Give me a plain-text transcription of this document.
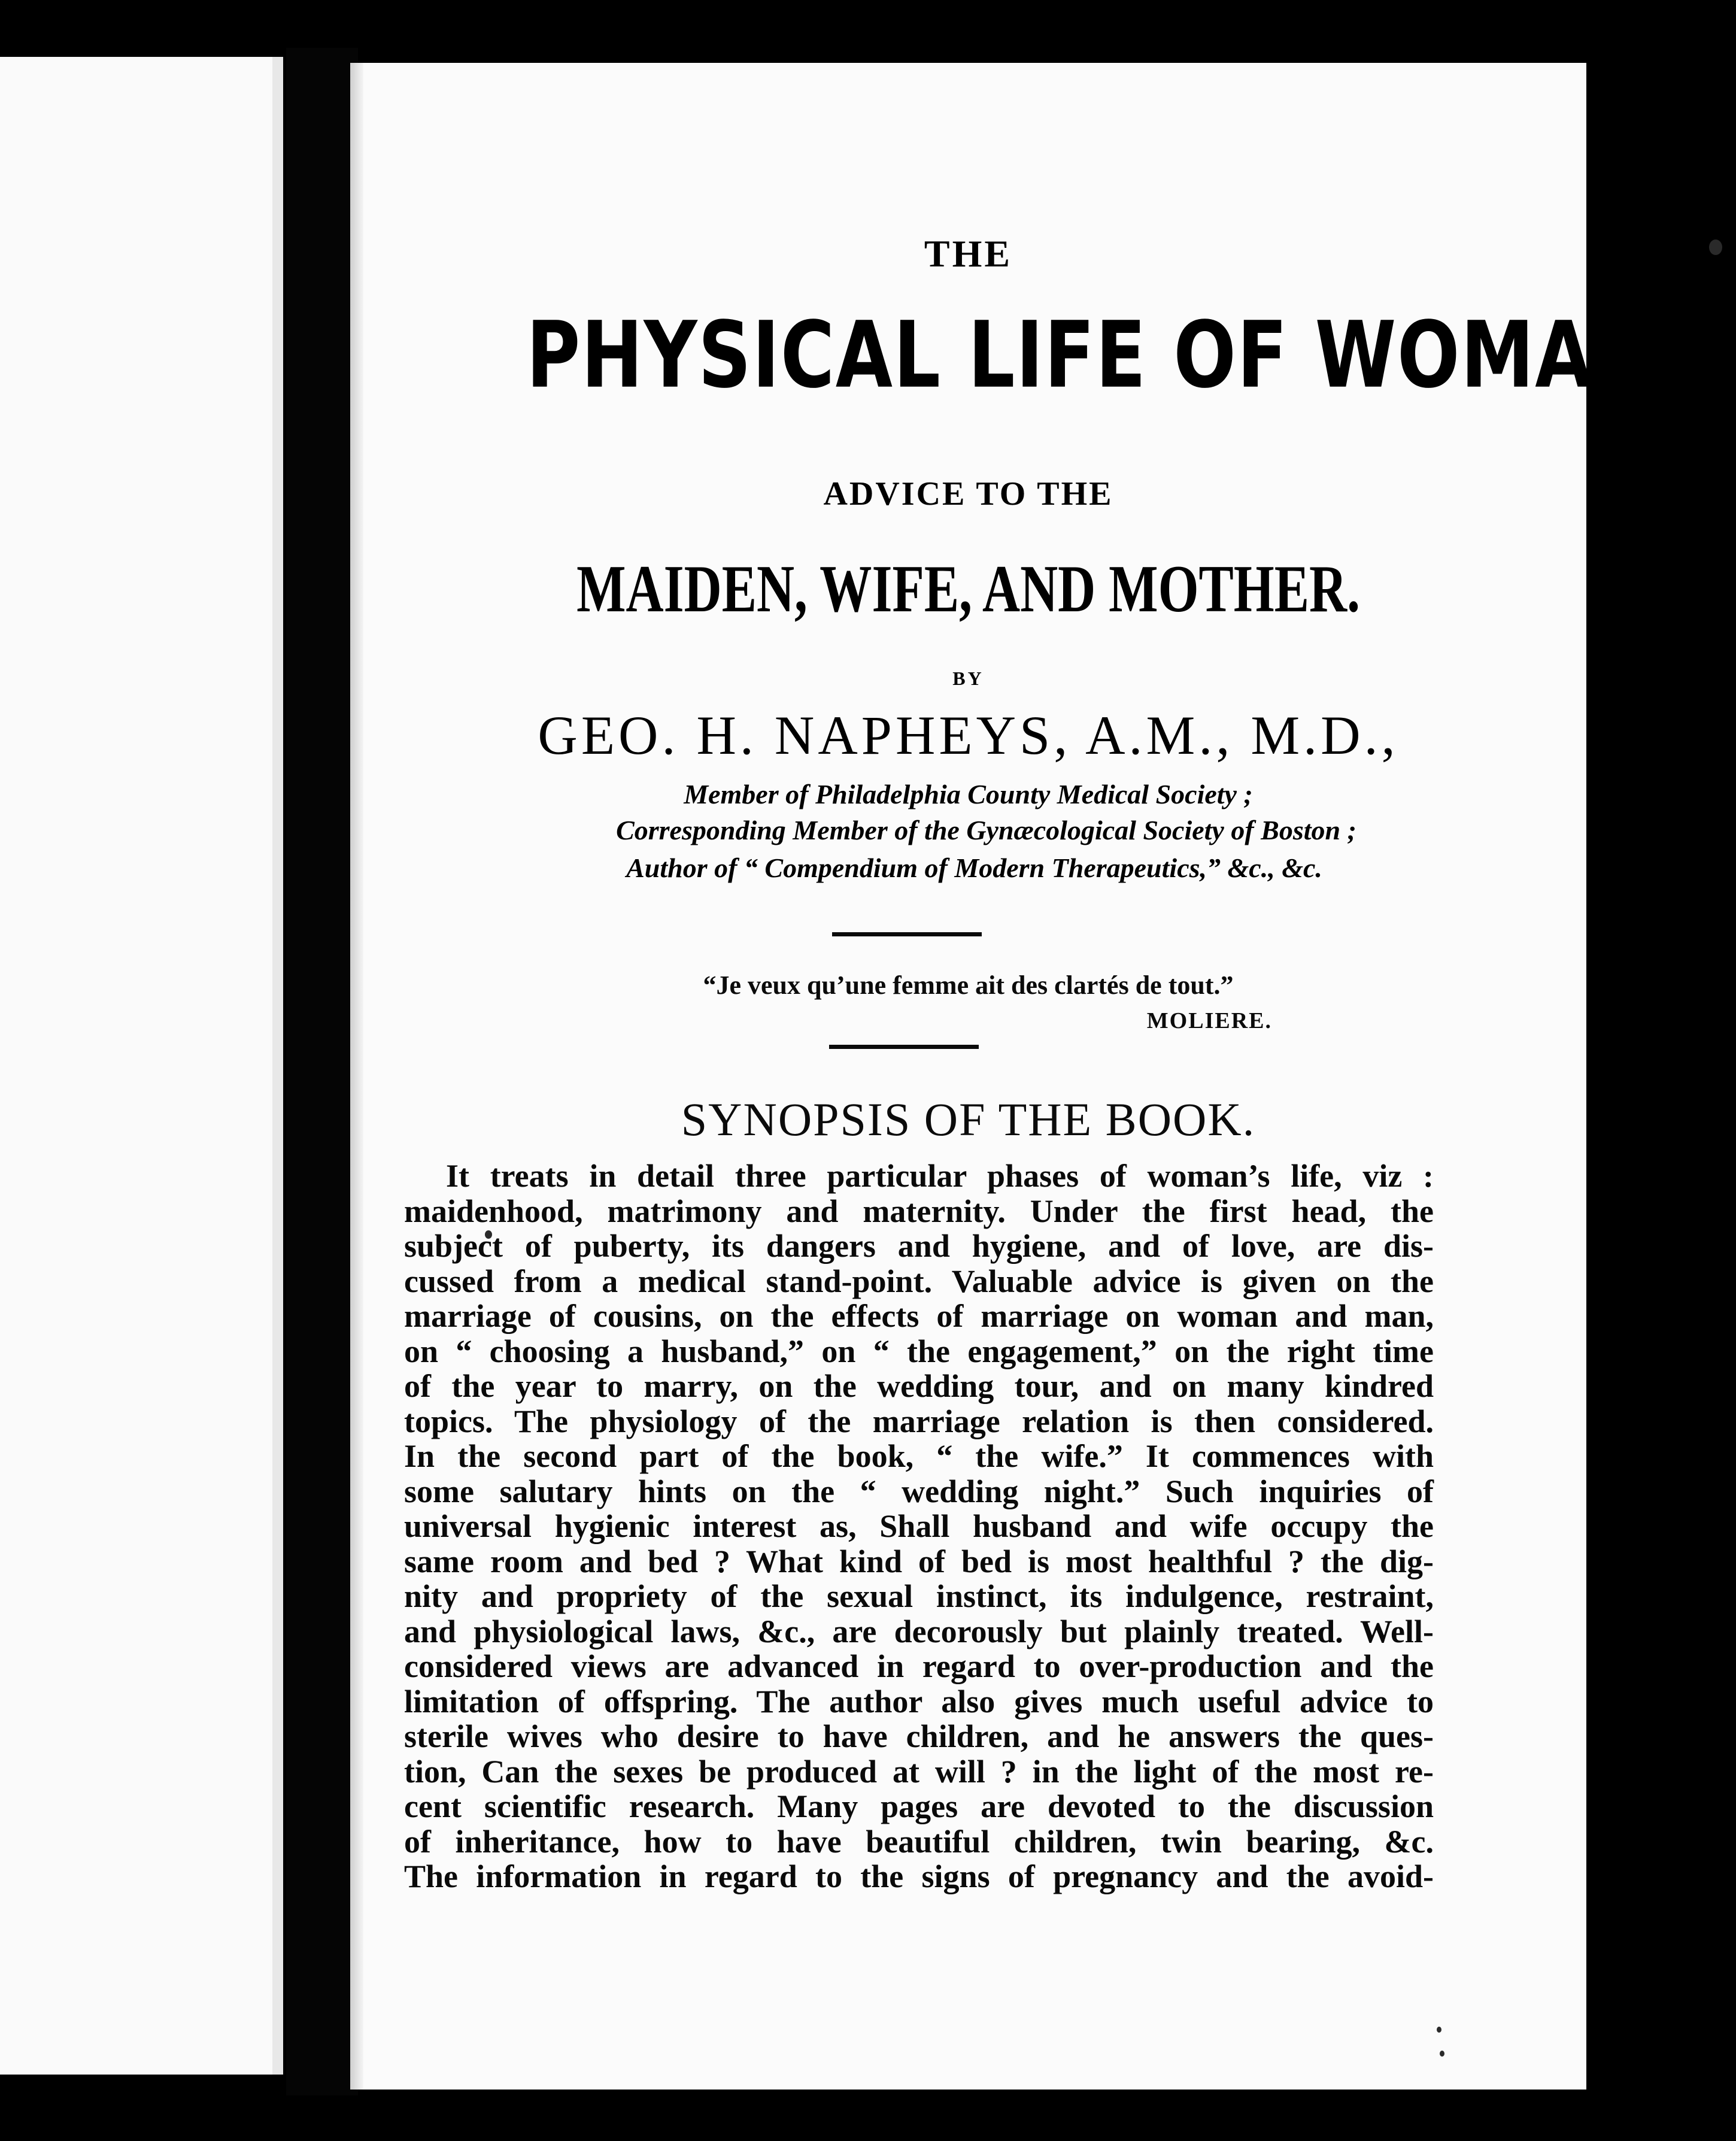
THE
PHYSICAL LIFE OF WOMAN
ADVICE TO THE
MAIDEN, WIFE, AND MOTHER.
BY
GEO. H. NAPHEYS, A.M., M.D.,
Member of Philadelphia County Medical Society ;
Corresponding Member of the Gynæcological Society of Boston ;
Author of “ Compendium of Modern Therapeutics,” &c., &c.
“Je veux qu’une femme ait des clartés de tout.”
MOLIERE.
SYNOPSIS OF THE BOOK.
It treats in detail three particular phases of woman’s life, viz :
maidenhood, matrimony and maternity. Under the first head, the
subject of puberty, its dangers and hygiene, and of love, are dis-
cussed from a medical stand-point. Valuable advice is given on the
marriage of cousins, on the effects of marriage on woman and man,
on “ choosing a husband,” on “ the engagement,” on the right time
of the year to marry, on the wedding tour, and on many kindred
topics. The physiology of the marriage relation is then considered.
In the second part of the book, “ the wife.” It commences with
some salutary hints on the “ wedding night.” Such inquiries of
universal hygienic interest as, Shall husband and wife occupy the
same room and bed ? What kind of bed is most healthful ? the dig-
nity and propriety of the sexual instinct, its indulgence, restraint,
and physiological laws, &c., are decorously but plainly treated. Well-
considered views are advanced in regard to over-production and the
limitation of offspring. The author also gives much useful advice to
sterile wives who desire to have children, and he answers the ques-
tion, Can the sexes be produced at will ? in the light of the most re-
cent scientific research. Many pages are devoted to the discussion
of inheritance, how to have beautiful children, twin bearing, &c.
The information in regard to the signs of pregnancy and the avoid-
